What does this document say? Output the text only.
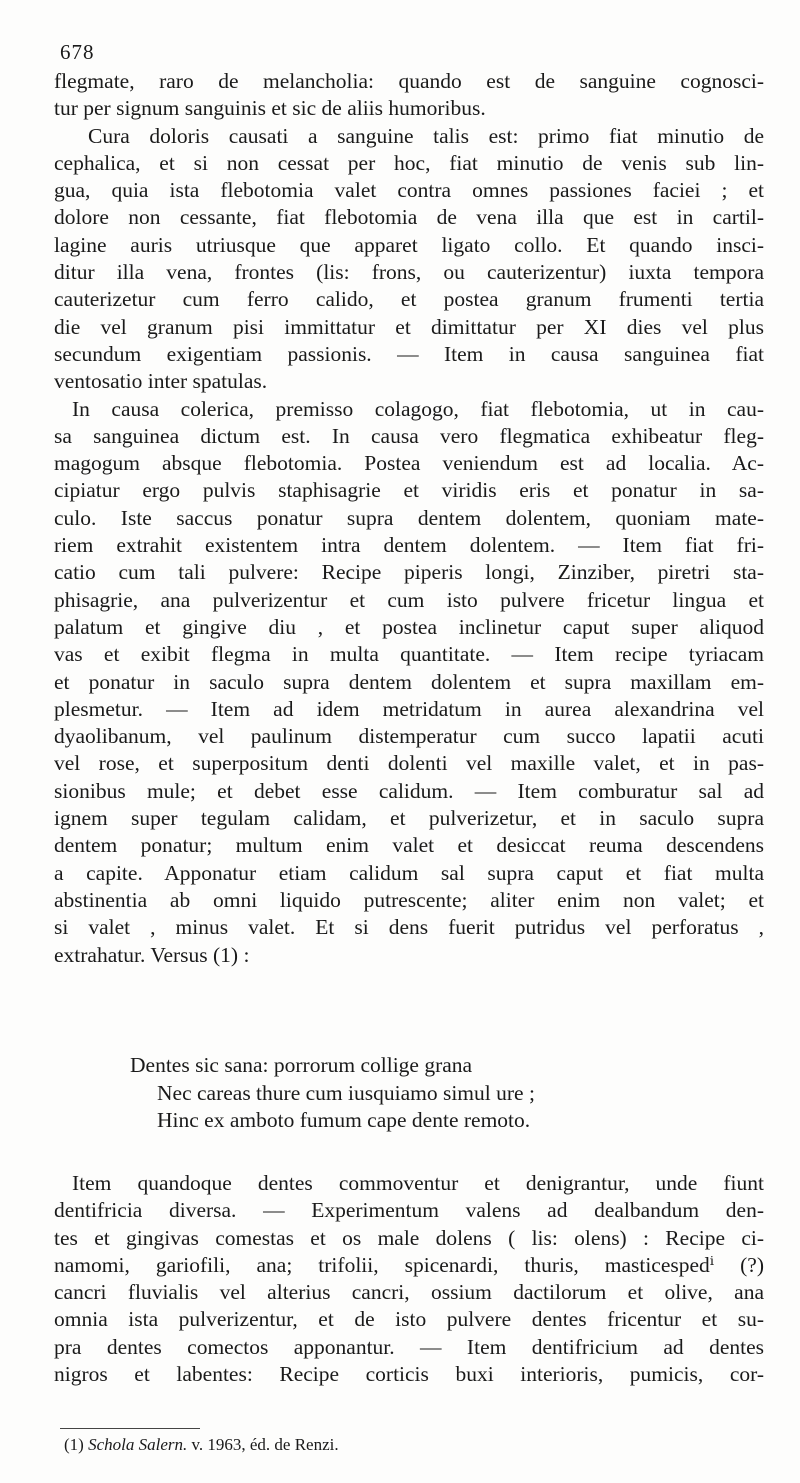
678
flegmate, raro de melancholia: quando est de sanguine cognosci-
tur per signum sanguinis et sic de aliis humoribus.
Cura doloris causati a sanguine talis est: primo fiat minutio de
cephalica, et si non cessat per hoc, fiat minutio de venis sub lin-
gua, quia ista flebotomia valet contra omnes passiones faciei ; et
dolore non cessante, fiat flebotomia de vena illa que est in cartil-
lagine auris utriusque que apparet ligato collo. Et quando insci-
ditur illa vena, frontes (lis: frons, ou cauterizentur) iuxta tempora
cauterizetur cum ferro calido, et postea granum frumenti tertia
die vel granum pisi immittatur et dimittatur per XI dies vel plus
secundum exigentiam passionis. — Item in causa sanguinea fiat
ventosatio inter spatulas.
In causa colerica, premisso colagogo, fiat flebotomia, ut in cau-
sa sanguinea dictum est. In causa vero flegmatica exhibeatur fleg-
magogum absque flebotomia. Postea veniendum est ad localia. Ac-
cipiatur ergo pulvis staphisagrie et viridis eris et ponatur in sa-
culo. Iste saccus ponatur supra dentem dolentem, quoniam mate-
riem extrahit existentem intra dentem dolentem. — Item fiat fri-
catio cum tali pulvere: Recipe piperis longi, Zinziber, piretri sta-
phisagrie, ana pulverizentur et cum isto pulvere fricetur lingua et
palatum et gingive diu , et postea inclinetur caput super aliquod
vas et exibit flegma in multa quantitate. — Item recipe tyriacam
et ponatur in saculo supra dentem dolentem et supra maxillam em-
plesmetur. — Item ad idem metridatum in aurea alexandrina vel
dyaolibanum, vel paulinum distemperatur cum succo lapatii acuti
vel rose, et superpositum denti dolenti vel maxille valet, et in pas-
sionibus mule; et debet esse calidum. — Item comburatur sal ad
ignem super tegulam calidam, et pulverizetur, et in saculo supra
dentem ponatur; multum enim valet et desiccat reuma descendens
a capite. Apponatur etiam calidum sal supra caput et fiat multa
abstinentia ab omni liquido putrescente; aliter enim non valet; et
si valet , minus valet. Et si dens fuerit putridus vel perforatus ,
extrahatur. Versus (1) :
Dentes sic sana: porrorum collige grana
Nec careas thure cum iusquiamo simul ure ;
Hinc ex amboto fumum cape dente remoto.
Item quandoque dentes commoventur et denigrantur, unde fiunt
dentifricia diversa. — Experimentum valens ad dealbandum den-
tes et gingivas comestas et os male dolens ( lis: olens) : Recipe ci-
namomi, gariofili, ana; trifolii, spicenardi, thuris, masticespedⁱ (?)
cancri fluvialis vel alterius cancri, ossium dactilorum et olive, ana
omnia ista pulverizentur, et de isto pulvere dentes fricentur et su-
pra dentes comectos apponantur. — Item dentifricium ad dentes
nigros et labentes: Recipe corticis buxi interioris, pumicis, cor-
(1) Schola Salern. v. 1963, éd. de Renzi.
